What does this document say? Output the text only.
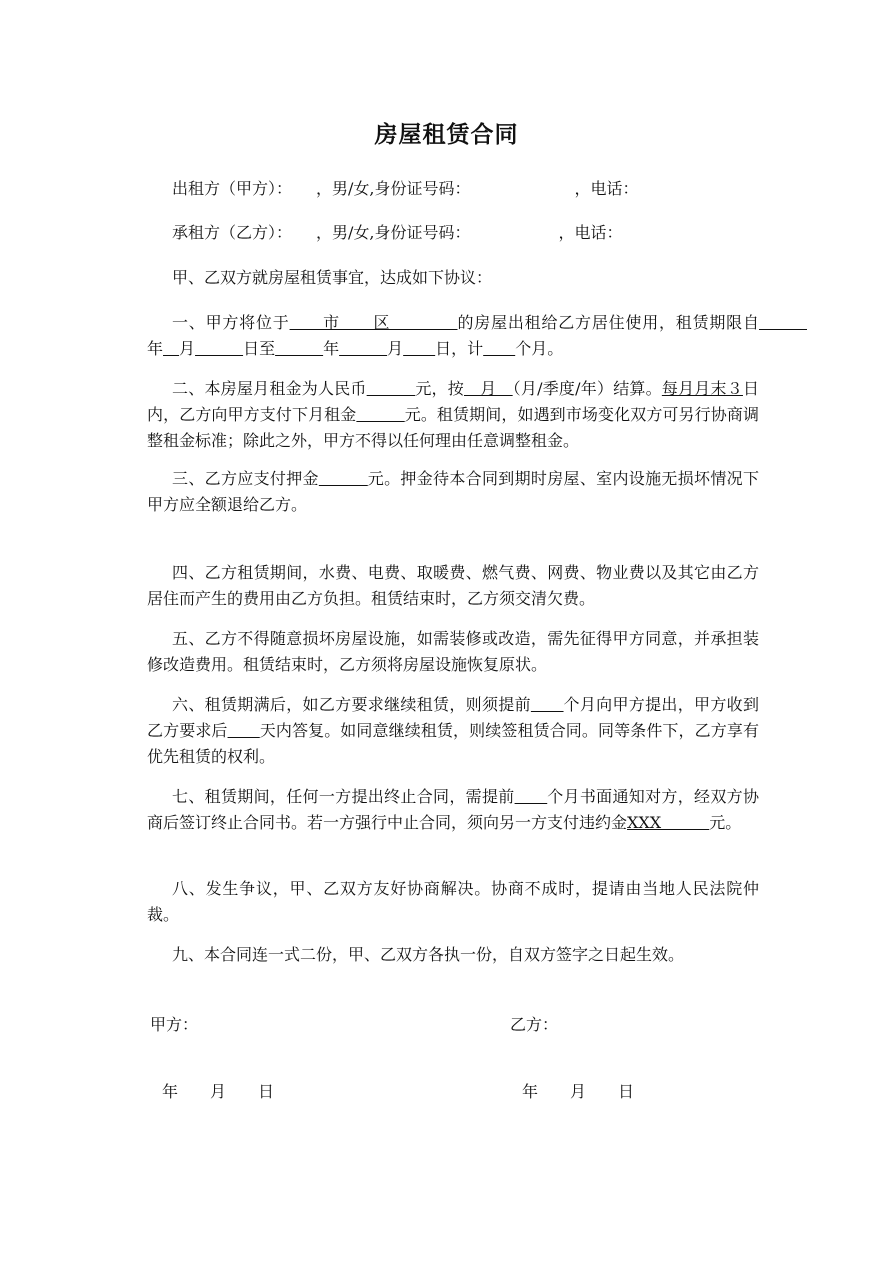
房屋租赁合同
出租方（甲方）：　　，男/女,身份证号码：　　　　　　　，电话：
承租方（乙方）：　　，男/女,身份证号码：　　　　　　，电话：
甲、乙双方就房屋租赁事宜，达成如下协议：
一、甲方将位于　　市　　区　　　　的房屋出租给乙方居住使用，租赁期限自　　　年　 月　　　	日至　　　	年　　　	月　　 日，计　　 个月。
二、本房屋月租金为人民币　　　	元，按　月　（月/季度/年）结算。每月月末３日内，乙方向甲方支付下月租金　　　	元。租赁期间，如遇到市场变化双方可另行协商调整租金标准；除此之外，甲方不得以任何理由任意调整租金。
三、乙方应支付押金　　　	元。押金待本合同到期时房屋、室内设施无损坏情况下甲方应全额退给乙方。
四、乙方租赁期间，水费、电费、取暖费、燃气费、网费、物业费以及其它由乙方居住而产生的费用由乙方负担。租赁结束时，乙方须交清欠费。
五、乙方不得随意损坏房屋设施，如需装修或改造，需先征得甲方同意，并承担装修改造费用。租赁结束时，乙方须将房屋设施恢复原状。
六、租赁期满后，如乙方要求继续租赁，则须提前　　 个月向甲方提出，甲方收到乙方要求后　　 天内答复。如同意继续租赁，则续签租赁合同。同等条件下，乙方享有优先租赁的权利。
七、租赁期间，任何一方提出终止合同，需提前　　 个月书面通知对方，经双方协商后签订终止合同书。若一方强行中止合同，须向另一方支付违约金XXX　　　元。
八、发生争议，甲、乙双方友好协商解决。协商不成时，提请由当地人民法院仲裁。
九、本合同连一式二份，甲、乙双方各执一份，自双方签字之日起生效。
甲方：	乙方：
年　　月　　日	年　　月　　日
